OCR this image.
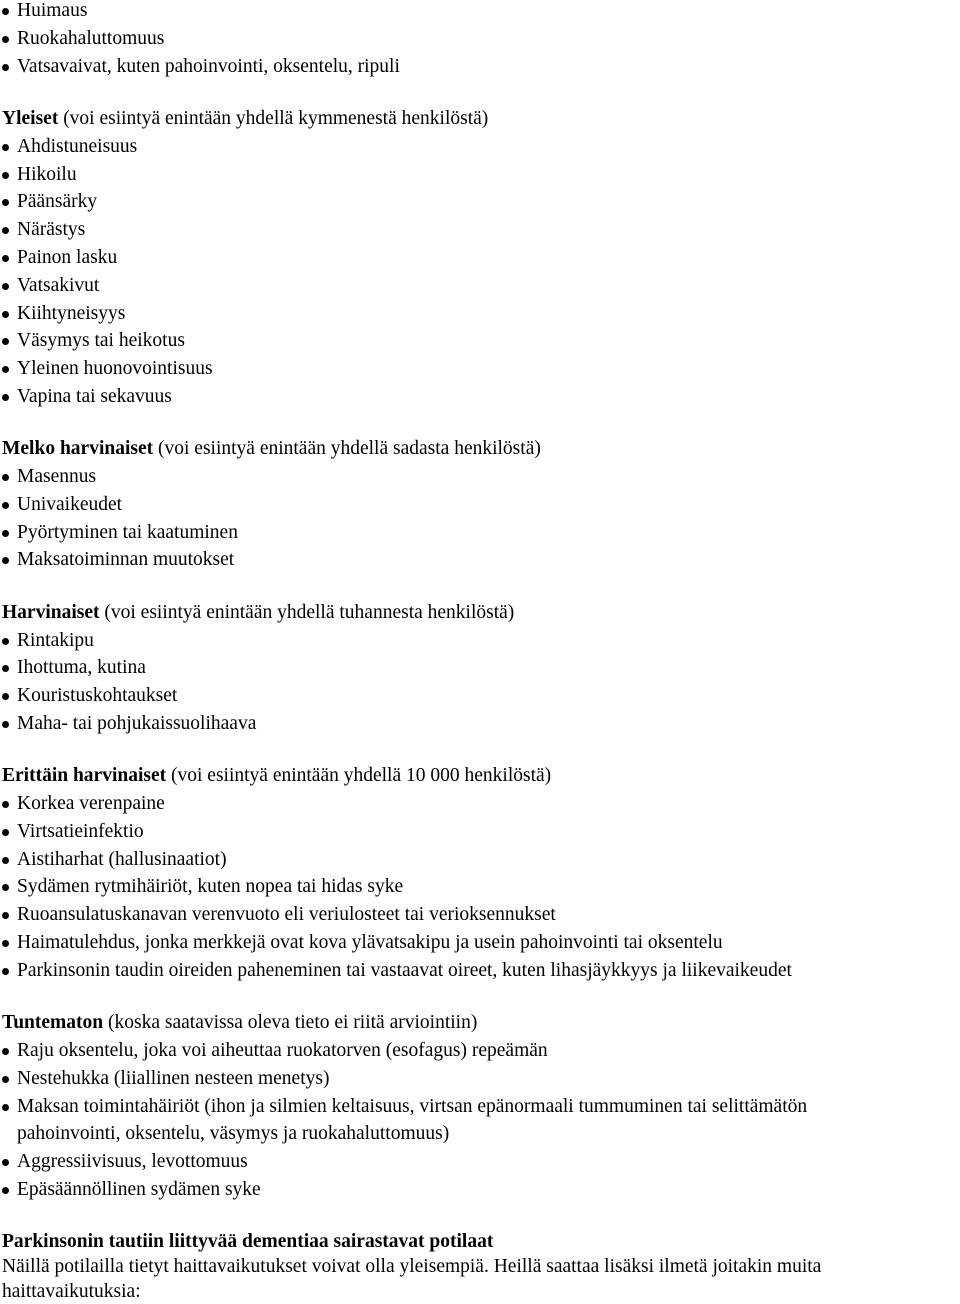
Huimaus
Ruokahaluttomuus
Vatsavaivat, kuten pahoinvointi, oksentelu, ripuli
Yleiset (voi esiintyä enintään yhdellä kymmenestä henkilöstä)
Ahdistuneisuus
Hikoilu
Päänsärky
Närästys
Painon lasku
Vatsakivut
Kiihtyneisyys
Väsymys tai heikotus
Yleinen huonovointisuus
Vapina tai sekavuus
Melko harvinaiset (voi esiintyä enintään yhdellä sadasta henkilöstä)
Masennus
Univaikeudet
Pyörtyminen tai kaatuminen
Maksatoiminnan muutokset
Harvinaiset (voi esiintyä enintään yhdellä tuhannesta henkilöstä)
Rintakipu
Ihottuma, kutina
Kouristuskohtaukset
Maha- tai pohjukaissuolihaava
Erittäin harvinaiset (voi esiintyä enintään yhdellä 10 000 henkilöstä)
Korkea verenpaine
Virtsatieinfektio
Aistiharhat (hallusinaatiot)
Sydämen rytmihäiriöt, kuten nopea tai hidas syke
Ruoansulatuskanavan verenvuoto eli veriulosteet tai verioksennukset
Haimatulehdus, jonka merkkejä ovat kova ylävatsakipu ja usein pahoinvointi tai oksentelu
Parkinsonin taudin oireiden paheneminen tai vastaavat oireet, kuten lihasjäykkyys ja liikevaikeudet
Tuntematon (koska saatavissa oleva tieto ei riitä arviointiin)
Raju oksentelu, joka voi aiheuttaa ruokatorven (esofagus) repeämän
Nestehukka (liiallinen nesteen menetys)
Maksan toimintahäiriöt (ihon ja silmien keltaisuus, virtsan epänormaali tummuminen tai selittämätön
pahoinvointi, oksentelu, väsymys ja ruokahaluttomuus)
Aggressiivisuus, levottomuus
Epäsäännöllinen sydämen syke
Parkinsonin tautiin liittyvää dementiaa sairastavat potilaat
Näillä potilailla tietyt haittavaikutukset voivat olla yleisempiä. Heillä saattaa lisäksi ilmetä joitakin muita
haittavaikutuksia:
